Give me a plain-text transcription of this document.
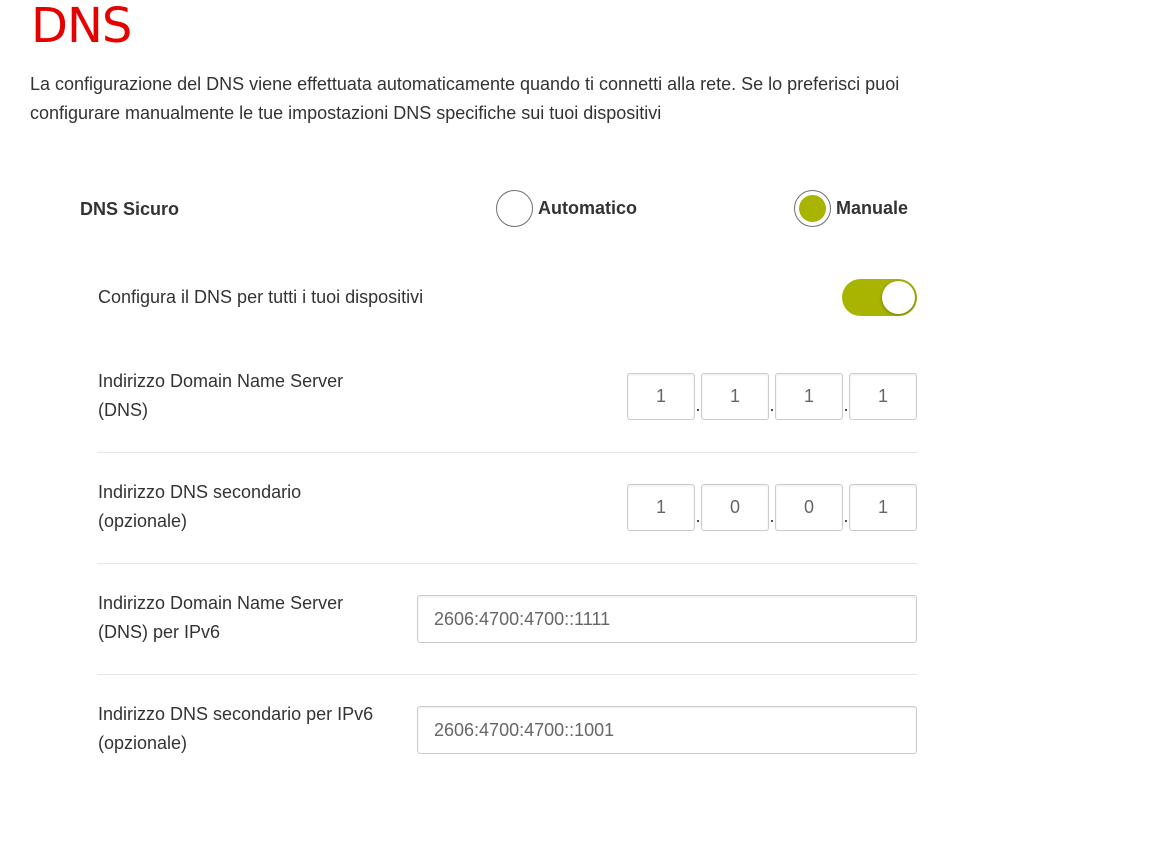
DNS

La configurazione del DNS viene effettuata automaticamente quando ti connetti alla rete. Se lo preferisci puoi configurare manualmente le tue impostazioni DNS specifiche sui tuoi dispositivi

DNS Sicuro	Automatico	Manuale
Configura il DNS per tutti i tuoi dispositivi
Indirizzo Domain Name Server
(DNS)
1	.	1	.	1	.	1
Indirizzo DNS secondario
(opzionale)
1	.	0	.	0	.	1
Indirizzo Domain Name Server
(DNS) per IPv6
2606:4700:4700::1111
Indirizzo DNS secondario per IPv6
(opzionale)
2606:4700:4700::1001
